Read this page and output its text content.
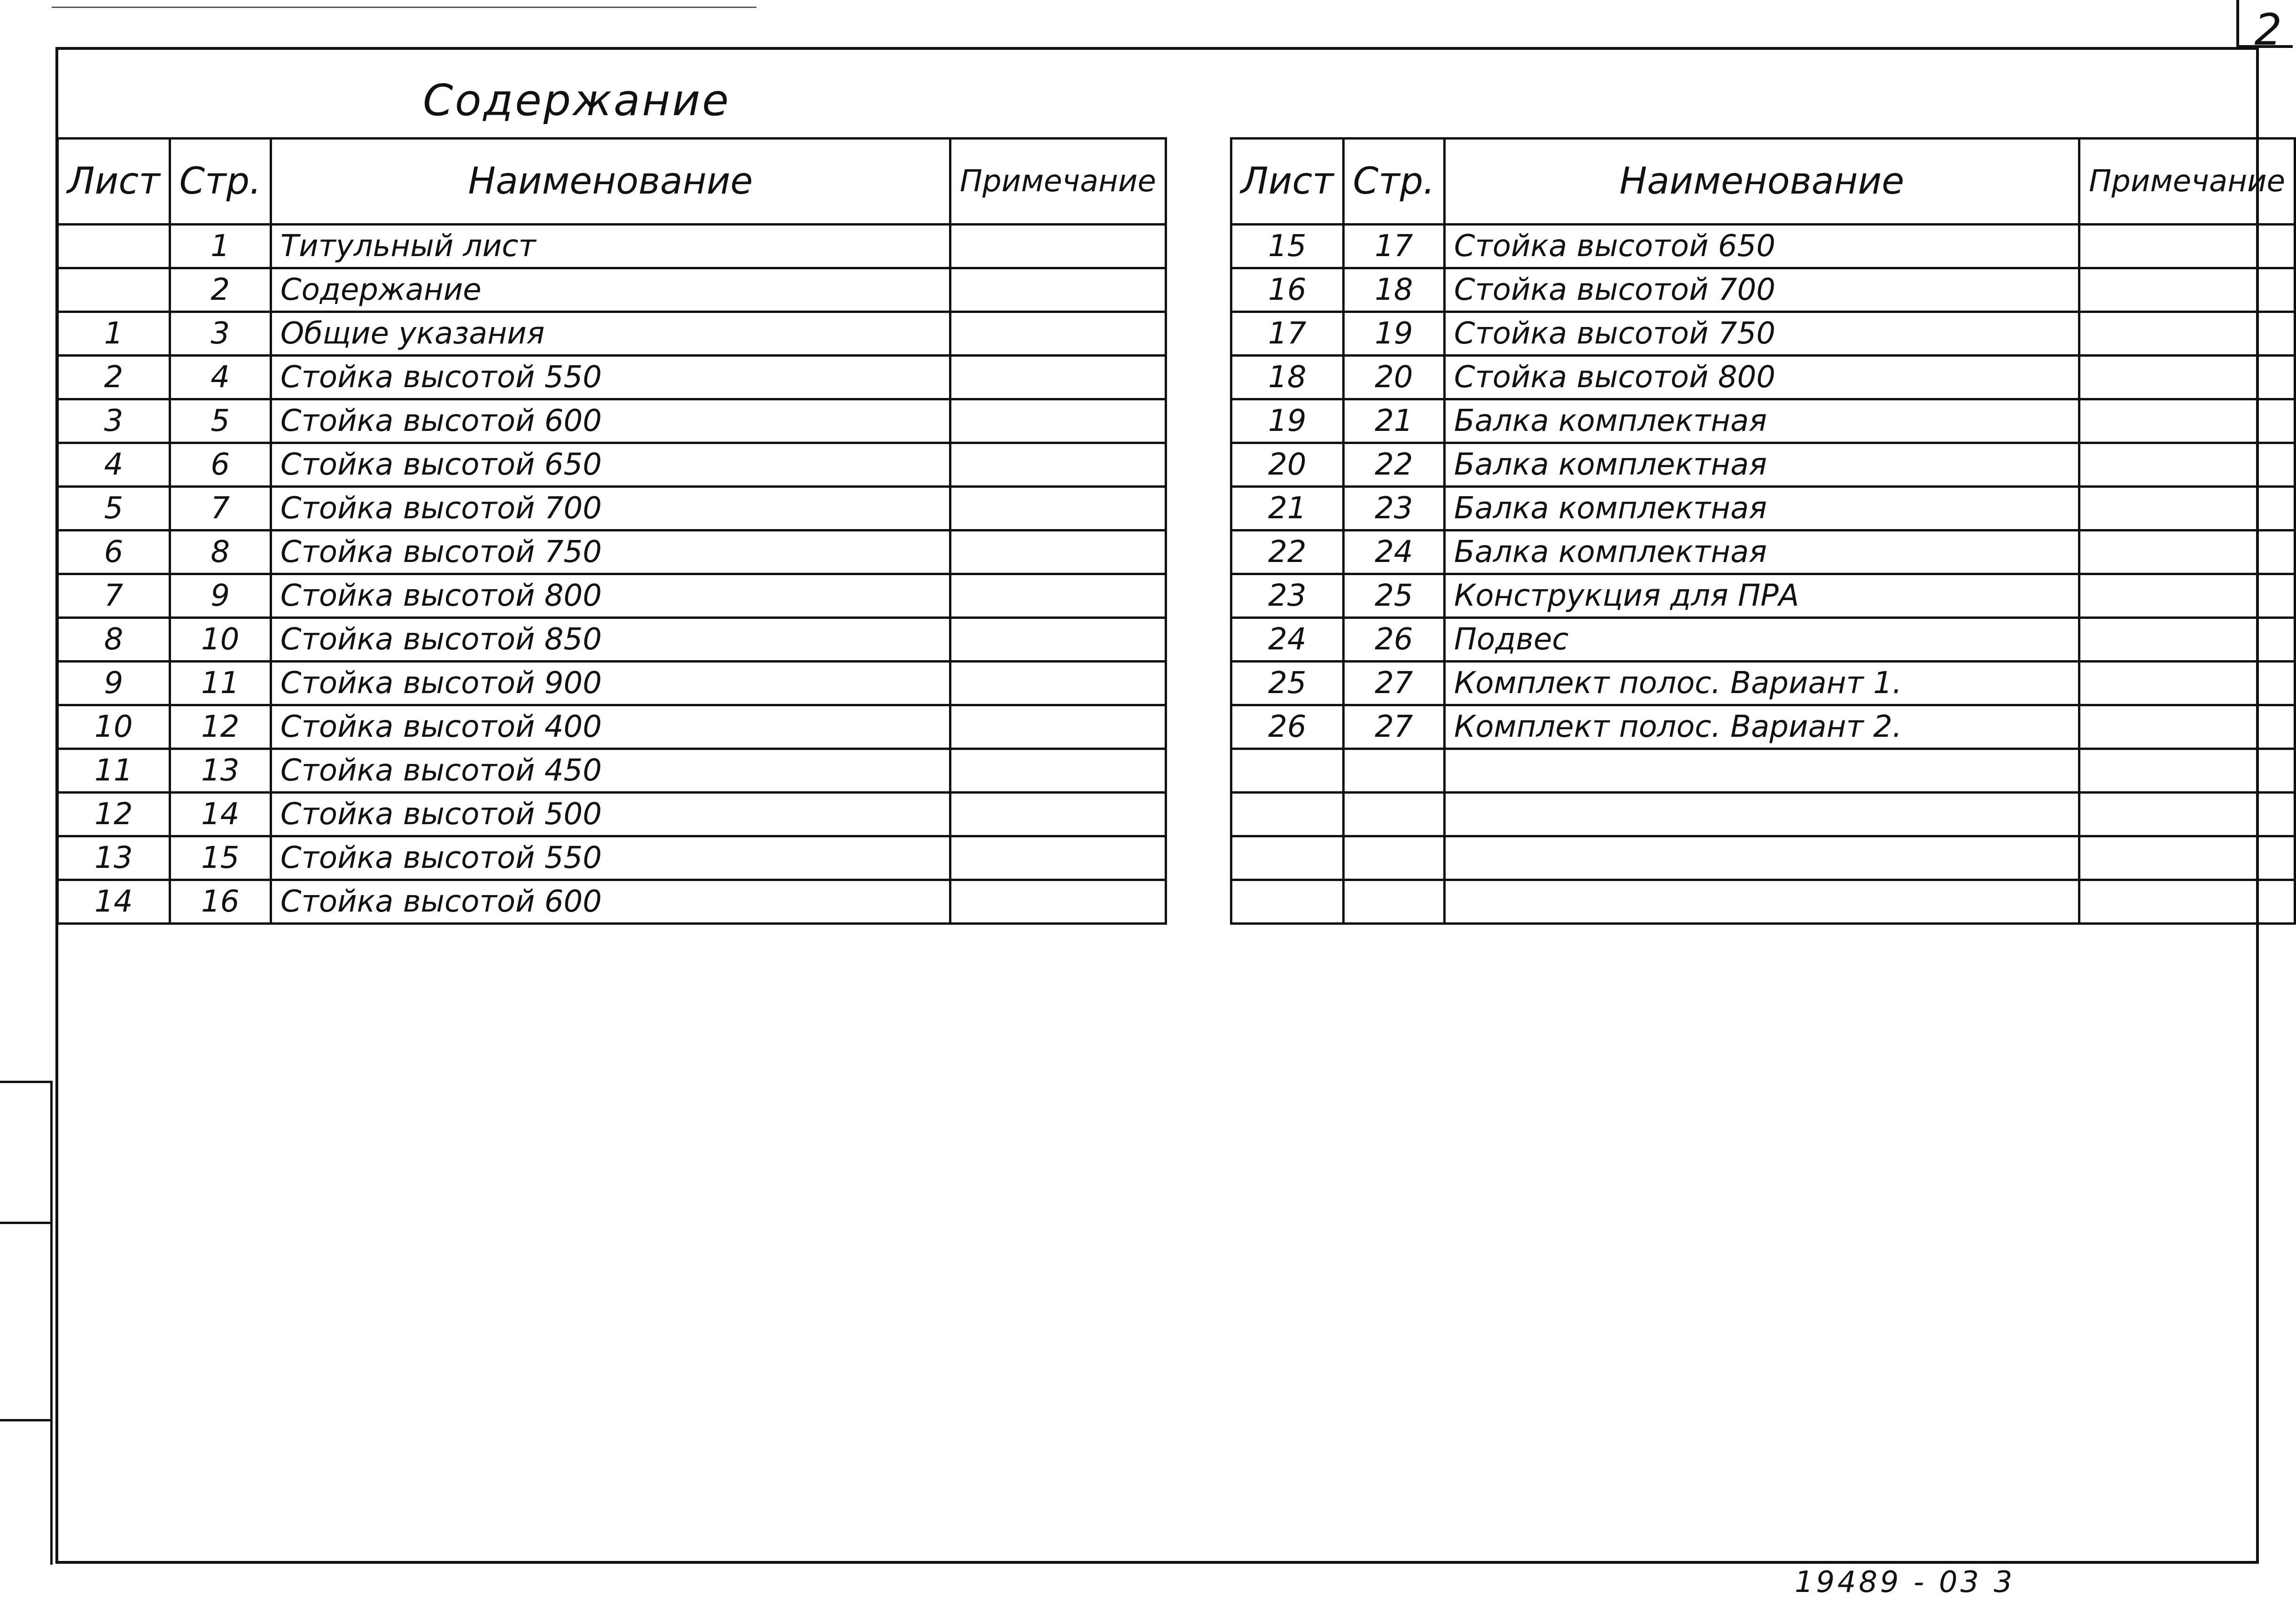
2
Содержание
Лист	Стр.	Наименование	Примечание
	1	Титульный лист	
	2	Содержание	
1	3	Общие указания	
2	4	Стойка высотой 550	
3	5	Стойка высотой 600	
4	6	Стойка высотой 650	
5	7	Стойка высотой 700	
6	8	Стойка высотой 750	
7	9	Стойка высотой 800	
8	10	Стойка высотой 850	
9	11	Стойка высотой 900	
10	12	Стойка высотой 400	
11	13	Стойка высотой 450	
12	14	Стойка высотой 500	
13	15	Стойка высотой 550	
14	16	Стойка высотой 600	
Лист	Стр.	Наименование	Примечание
15	17	Стойка высотой 650	
16	18	Стойка высотой 700	
17	19	Стойка высотой 750	
18	20	Стойка высотой 800	
19	21	Балка комплектная	
20	22	Балка комплектная	
21	23	Балка комплектная	
22	24	Балка комплектная	
23	25	Конструкция для ПРА	
24	26	Подвес	
25	27	Комплект полос. Вариант 1.	
26	27	Комплект полос. Вариант 2.	

19489 - 03 3
